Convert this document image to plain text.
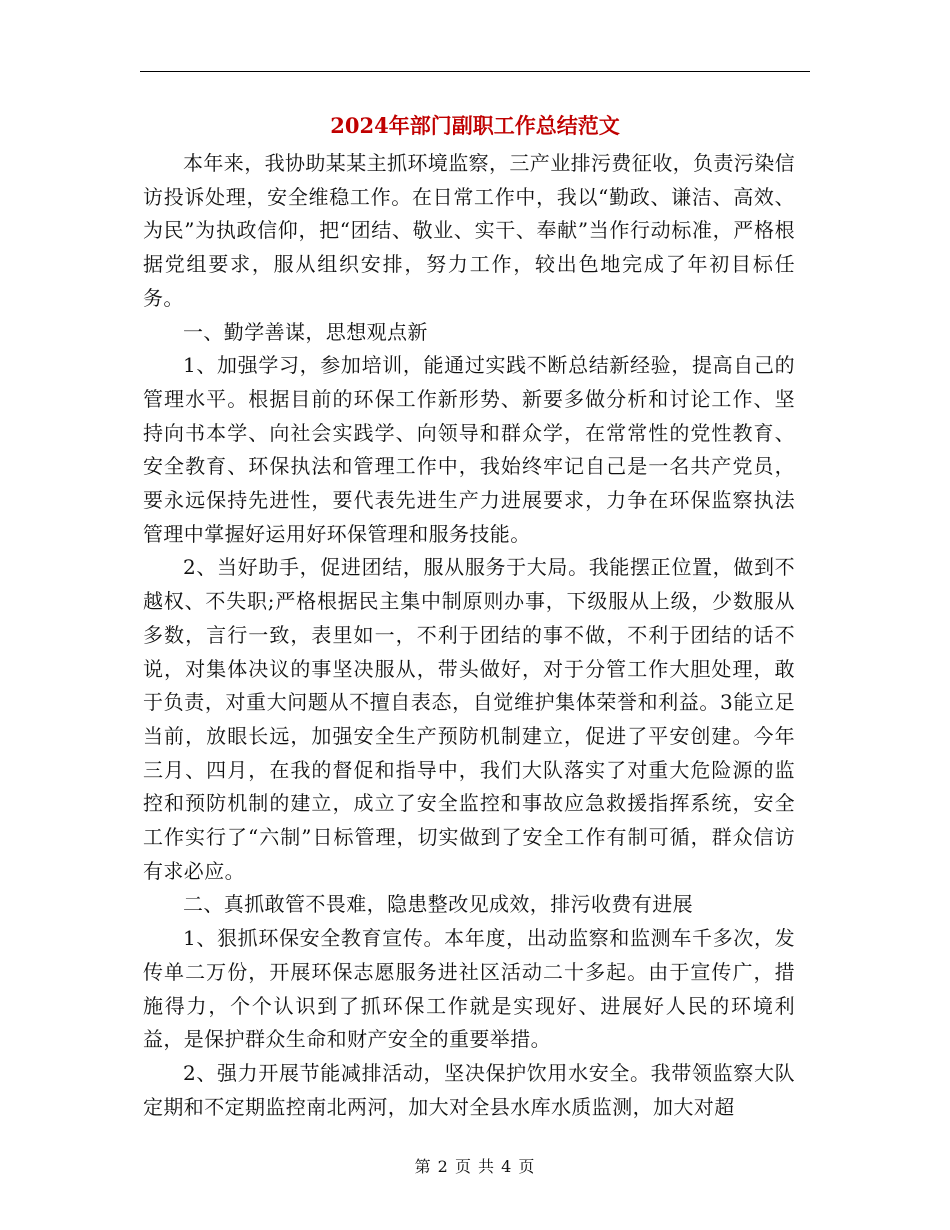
2024年部门副职工作总结范文

本年来，我协助某某主抓环境监察，三产业排污费征收，负责污染信访投诉处理，安全维稳工作。在日常工作中，我以“勤政、谦洁、高效、为民”为执政信仰，把“团结、敬业、实干、奉献”当作行动标准，严格根据党组要求，服从组织安排，努力工作，较出色地完成了年初目标任务。

一、勤学善谋，思想观点新

1、加强学习，参加培训，能通过实践不断总结新经验，提高自己的管理水平。根据目前的环保工作新形势、新要多做分析和讨论工作、坚持向书本学、向社会实践学、向领导和群众学，在常常性的党性教育、安全教育、环保执法和管理工作中，我始终牢记自己是一名共产党员，要永远保持先进性，要代表先进生产力进展要求，力争在环保监察执法管理中掌握好运用好环保管理和服务技能。

2、当好助手，促进团结，服从服务于大局。我能摆正位置，做到不越权、不失职;严格根据民主集中制原则办事，下级服从上级，少数服从多数，言行一致，表里如一，不利于团结的事不做，不利于团结的话不说，对集体决议的事坚决服从，带头做好，对于分管工作大胆处理，敢于负责，对重大问题从不擅自表态，自觉维护集体荣誉和利益。3能立足当前，放眼长远，加强安全生产预防机制建立，促进了平安创建。今年三月、四月，在我的督促和指导中，我们大队落实了对重大危险源的监控和预防机制的建立，成立了安全监控和事故应急救援指挥系统，安全工作实行了“六制”日标管理，切实做到了安全工作有制可循，群众信访有求必应。

二、真抓敢管不畏难，隐患整改见成效，排污收费有进展

1、狠抓环保安全教育宣传。本年度，出动监察和监测车千多次，发传单二万份，开展环保志愿服务进社区活动二十多起。由于宣传广，措施得力，个个认识到了抓环保工作就是实现好、进展好人民的环境利益，是保护群众生命和财产安全的重要举措。

2、强力开展节能减排活动，坚决保护饮用水安全。我带领监察大队定期和不定期监控南北两河，加大对全县水库水质监测，加大对超

第 2 页 共 4 页
